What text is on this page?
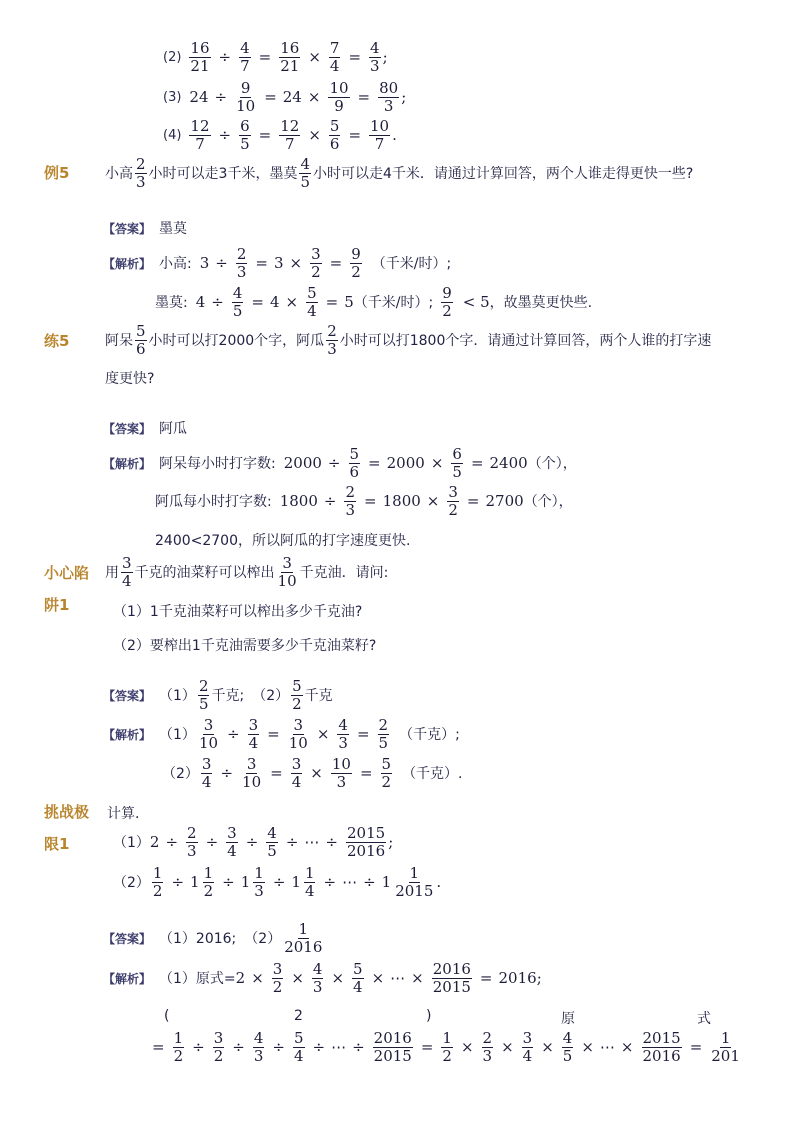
$(2) \frac{16}{21} \div \frac{4}{7} = \frac{16}{21} \times \frac{7}{4} = \frac{4}{3}$ ;
(3) $24 \div \frac{9}{10} = 24 \times \frac{10}{9} = \frac{80}{3}$ ;
$(4) \frac{12}{7} \div \frac{6}{5} = \frac{12}{7} \times \frac{5}{6} = \frac{10}{7}$ .
例5	小高
2
3 小时可以走3千米，墨莫
4
5 小时可以走4千米．请通过计算回答，两个人谁走得更快一些?
【答案】 墨莫
【解析】 小高: $3 \div \frac{2}{3} = 3 \times \frac{3}{2} = \frac{9}{2}$ （千米/时）;
墨莫: $4 \div \frac{4}{5} = 4 \times \frac{5}{4} = 5$ （千米/时）;
9
2 < 5 ，故墨莫更快些.
练5	阿呆
5
6 小时可以打2000个字，阿瓜
2
3 小时可以打1800个字．请通过计算回答，两个人谁的打字速
度更快?
【答案】 阿瓜
【解析】 阿呆每小时打字数: $2000 \div \frac{5}{6} = 2000 \times \frac{6}{5} = 2400$ （个），
阿瓜每小时打字数: $1800 \div \frac{2}{3} = 1800 \times \frac{3}{2} = 2700$ （个），
2400<2700，所以阿瓜的打字速度更快.
小心陷
阱1
用
3
4 千克的油菜籽可以榨出
3
10 千克油．请问:
（1）1千克油菜籽可以榨出多少千克油?
（2）要榨出1千克油需要多少千克油菜籽?
【答案】 （1）
2
5 千克; （2）
5
2 千克
【解析】 $(1) \frac{3}{10} \div \frac{3}{4} = \frac{3}{10} \times \frac{4}{3} = \frac{2}{5}$ （千克）;
$(2) \frac{3}{4} \div \frac{3}{10} = \frac{3}{4} \times \frac{10}{3} = \frac{5}{2}$ （千克）.
挑战极
限1
计算.
（1） $2 \div \frac{2}{3} \div \frac{3}{4} \div \frac{4}{5}$ ÷ ⋯ ÷ $\frac{2015}{2016}$ ;
$(2) \frac{1}{2} \div 1$ 1
2 ÷ 1 1
3 ÷ 1 1
4 ÷ ⋯ ÷ 1 1
2015 .
【答案】 （1）2016; （2）
1
2016
【解析】 （1）原式= $2 \times \frac{3}{2} \times \frac{4}{3} \times \frac{5}{4}$ × ⋯ × $\frac{2016}{2015} = 2016$ ;
(	2	)	原	式
= $\frac{1}{2} \div \frac{3}{2} \div \frac{4}{3} \div \frac{5}{4}$ ÷ ⋯ ÷ $\frac{2016}{2015} = \frac{1}{2} \times \frac{2}{3} \times \frac{3}{4} \times \frac{4}{5}$ × ⋯ × $\frac{2015}{2016} = \frac{1}{201}$
